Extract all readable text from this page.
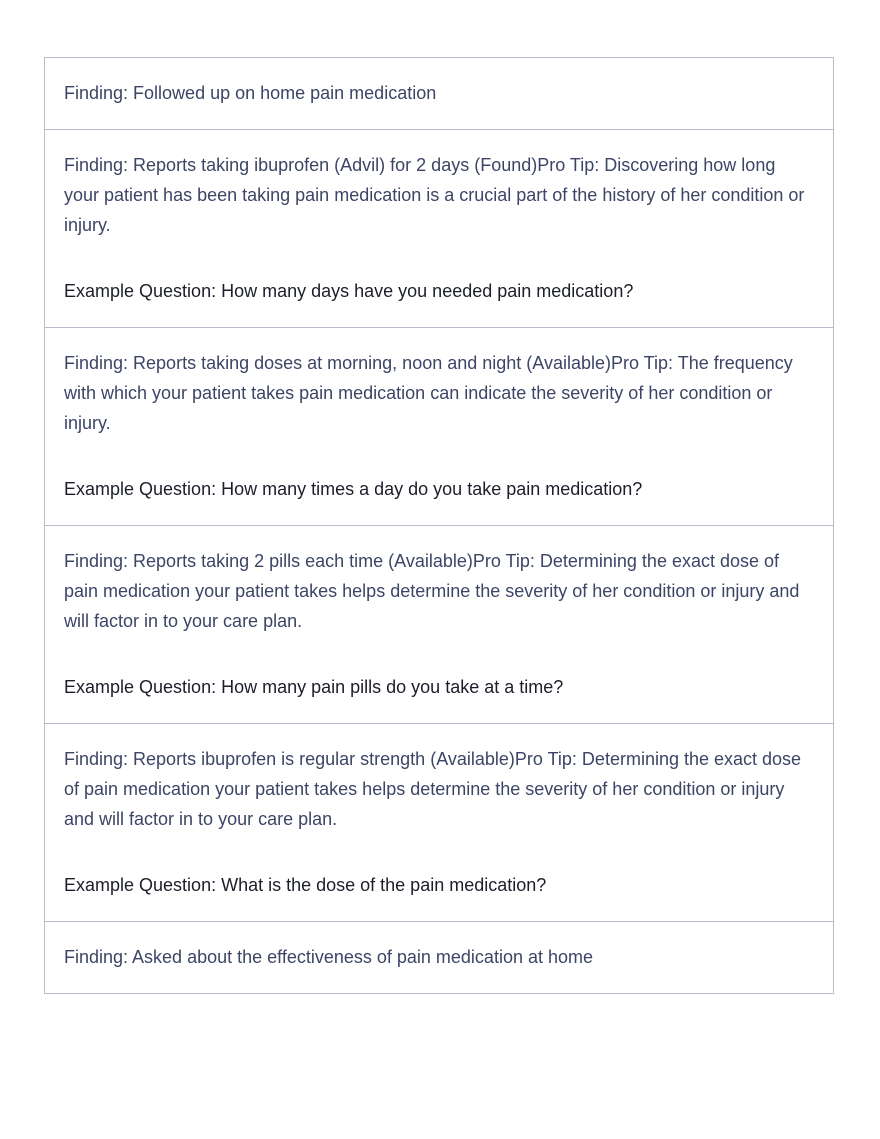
Finding: Followed up on home pain medication

Finding: Reports taking ibuprofen (Advil) for 2 days (Found)Pro Tip: Discovering how long your patient has been taking pain medication is a crucial part of the history of her condition or injury.

Example Question: How many days have you needed pain medication?

Finding: Reports taking doses at morning, noon and night (Available)Pro Tip: The frequency with which your patient takes pain medication can indicate the severity of her condition or injury.

Example Question: How many times a day do you take pain medication?

Finding: Reports taking 2 pills each time (Available)Pro Tip: Determining the exact dose of pain medication your patient takes helps determine the severity of her condition or injury and will factor in to your care plan.

Example Question: How many pain pills do you take at a time?

Finding: Reports ibuprofen is regular strength (Available)Pro Tip: Determining the exact dose of pain medication your patient takes helps determine the severity of her condition or injury and will factor in to your care plan.

Example Question: What is the dose of the pain medication?

Finding: Asked about the effectiveness of pain medication at home
